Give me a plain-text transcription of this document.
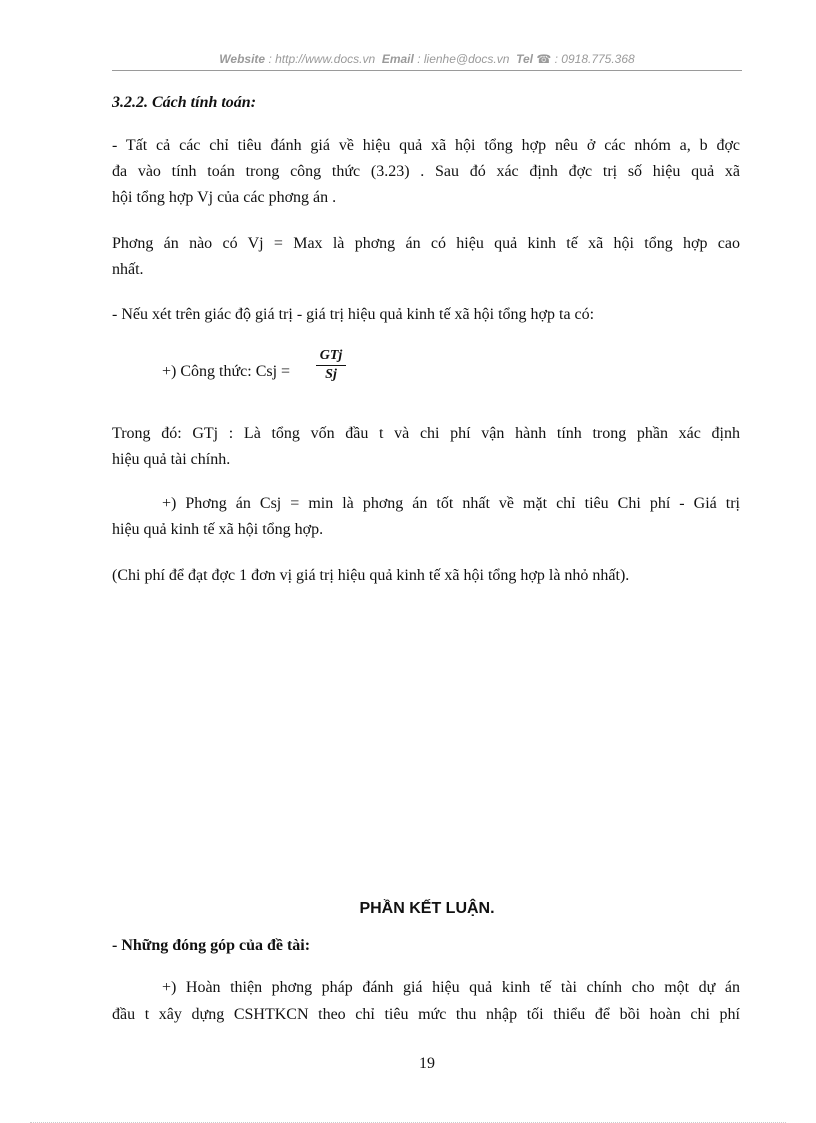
Website : http://www.docs.vn Email : lienhe@docs.vn Tel ☎ : 0918.775.368
3.2.2. Cách tính toán:
- Tất cả các chỉ tiêu đánh giá về hiệu quả xã hội tổng hợp nêu ở các nhóm a, b đợc
đa vào tính toán trong công thức (3.23) . Sau đó xác định đợc trị số hiệu quả xã
hội tổng hợp Vj của các phơng án .
Phơng án nào có Vj = Max là phơng án có hiệu quả kinh tế xã hội tổng hợp cao
nhất.
- Nếu xét trên giác độ giá trị - giá trị hiệu quả kinh tế xã hội tổng hợp ta có:
+) Công thức: Csj =
GTj
Sj
Trong đó: GTj : Là tổng vốn đầu t và chi phí vận hành tính trong phần xác định
hiệu quả tài chính.
+) Phơng án Csj = min là phơng án tốt nhất về mặt chỉ tiêu Chi phí - Giá trị
hiệu quả kinh tế xã hội tổng hợp.
(Chi phí để đạt đợc 1 đơn vị giá trị hiệu quả kinh tế xã hội tổng hợp là nhỏ nhất).
PHẦN KẾT LUẬN.
- Những đóng góp của đề tài:
+) Hoàn thiện phơng pháp đánh giá hiệu quả kinh tế tài chính cho một dự án
đầu t xây dựng CSHTKCN theo chỉ tiêu mức thu nhập tối thiểu để bồi hoàn chi phí
19
